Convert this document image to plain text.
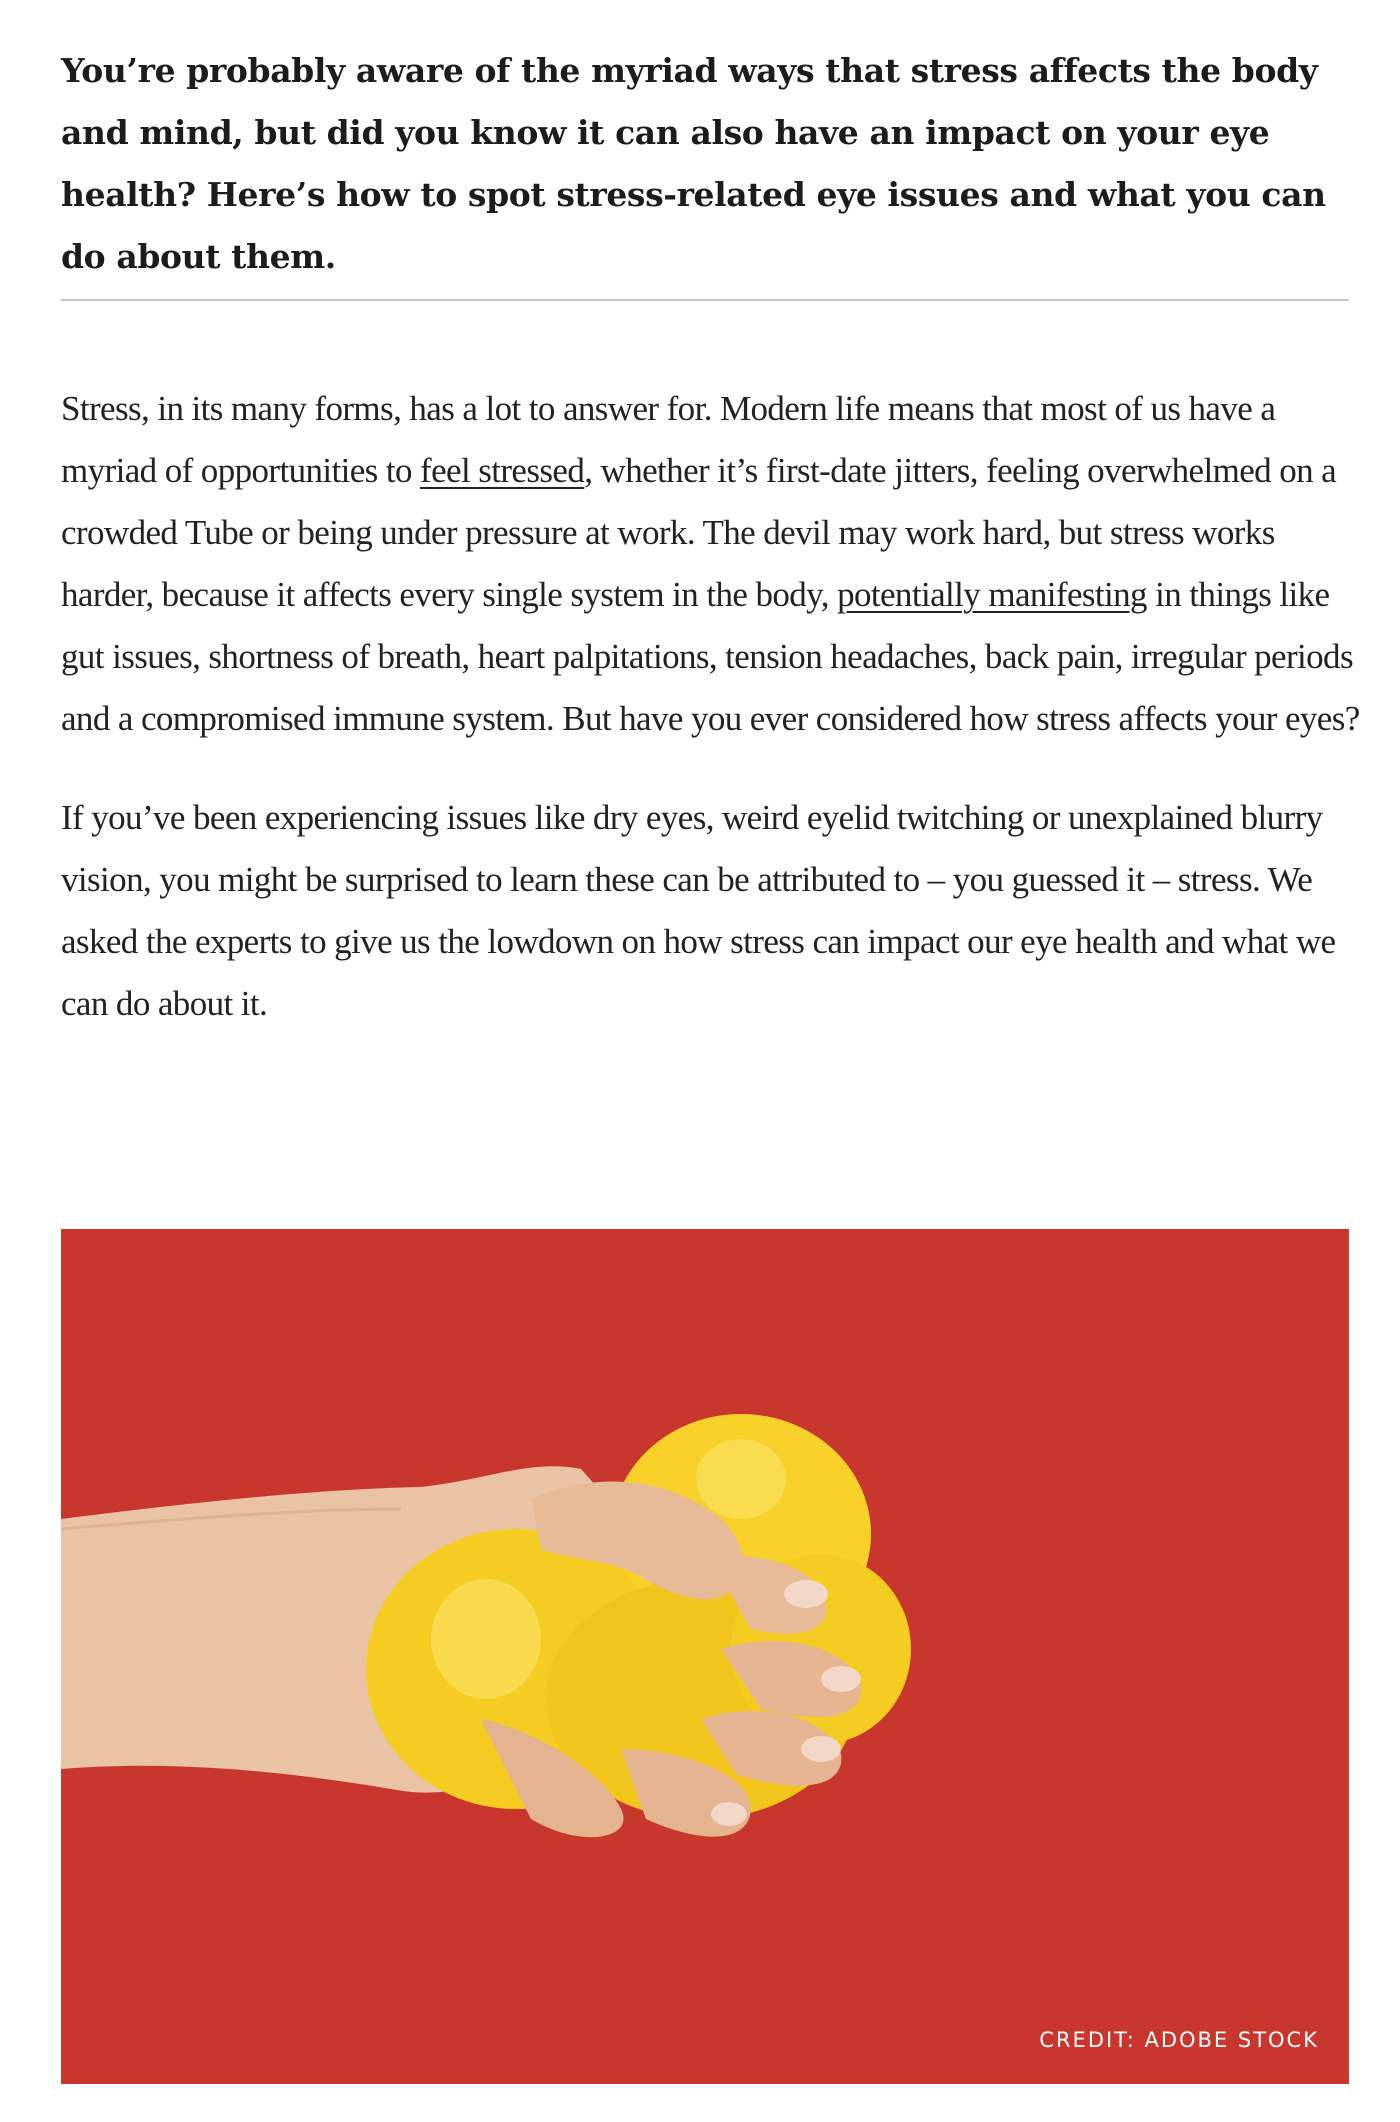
You’re probably aware of the myriad ways that stress affects the body and mind, but did you know it can also have an impact on your eye health? Here’s how to spot stress-related eye issues and what you can do about them.

Stress, in its many forms, has a lot to answer for. Modern life means that most of us have a myriad of opportunities to feel stressed, whether it’s first-date jitters, feeling overwhelmed on a crowded Tube or being under pressure at work. The devil may work hard, but stress works harder, because it affects every single system in the body, potentially manifesting in things like gut issues, shortness of breath, heart palpitations, tension headaches, back pain, irregular periods and a compromised immune system. But have you ever considered how stress affects your eyes?

If you’ve been experiencing issues like dry eyes, weird eyelid twitching or unexplained blurry vision, you might be surprised to learn these can be attributed to – you guessed it – stress. We asked the experts to give us the lowdown on how stress can impact our eye health and what we can do about it.

CREDIT: ADOBE STOCK
